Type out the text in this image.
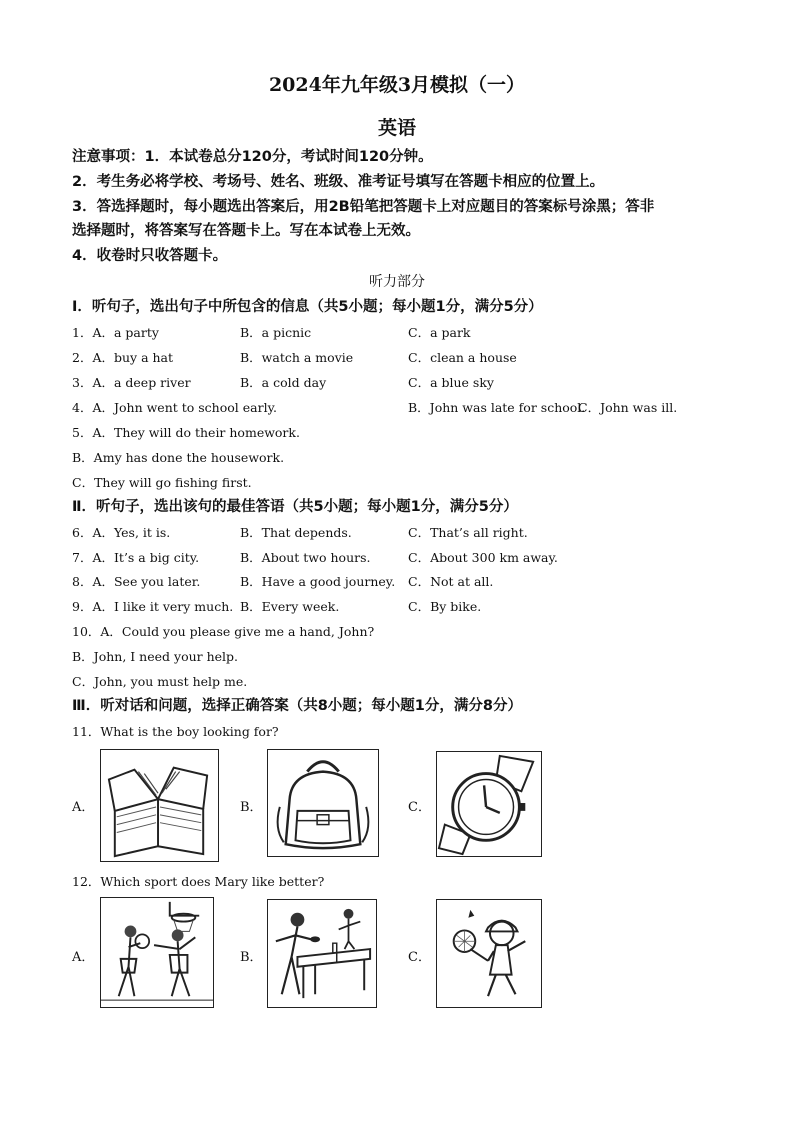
2024年九年级3月模拟（一）
英语
注意事项：1．本试卷总分120分，考试时间120分钟。
2．考生务必将学校、考场号、姓名、班级、准考证号填写在答题卡相应的位置上。
3．答选择题时，每小题选出答案后，用2B铅笔把答题卡上对应题目的答案标号涂黑；答非
选择题时，将答案写在答题卡上。写在本试卷上无效。
4．收卷时只收答题卡。
听力部分
Ⅰ．听句子，选出句子中所包含的信息（共5小题；每小题1分，满分5分）
1．A．a party	B．a picnic	C．a park
2．A．buy a hat	B．watch a movie	C．clean a house
3．A．a deep river	B．a cold day	C．a blue sky
4．A．John went to school early.	B．John was late for school.
C．John was ill.
5．A．They will do their homework.
B．Amy has done the housework.
C．They will go fishing first.
Ⅱ．听句子，选出该句的最佳答语（共5小题；每小题1分，满分5分）
6．A．Yes, it is.	B．That depends.	C．That’s all right.
7．A．It’s a big city.	B．About two hours.	C．About 300 km away.
8．A．See you later.	B．Have a good journey. C．Not at all.
9．A．I like it very much. B．Every week.	C．By bike.
10．A．Could you please give me a hand, John?
B．John, I need your help.
C．John, you must help me.
Ⅲ．听对话和问题，选择正确答案（共8小题；每小题1分，满分8分）
11．What is the boy looking for?
A．	B．	C．
12．Which sport does Mary like better?
A．	B．	C．
